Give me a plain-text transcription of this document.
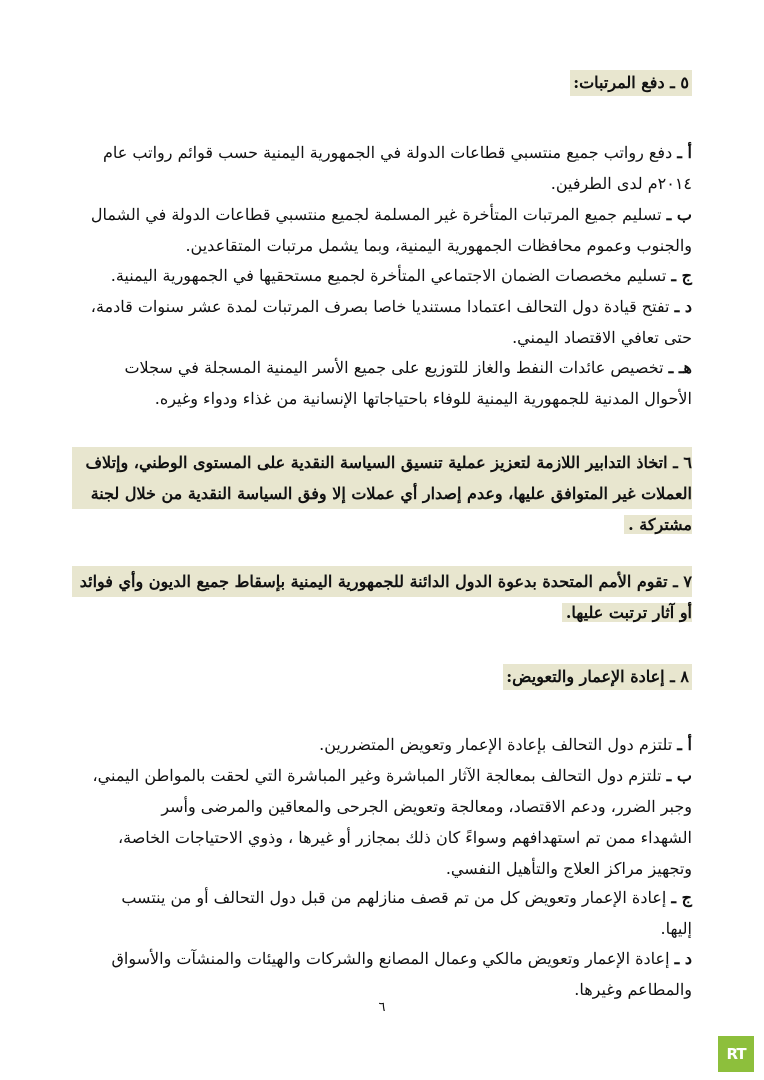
٥ ـ دفع المرتبات:
أ ـ دفع رواتب جميع منتسبي قطاعات الدولة في الجمهورية اليمنية حسب قوائم رواتب عام
٢٠١٤م لدى الطرفين.
ب ـ تسليم جميع المرتبات المتأخرة غير المسلمة لجميع منتسبي قطاعات الدولة في الشمال
والجنوب وعموم محافظات الجمهورية اليمنية، وبما يشمل مرتبات المتقاعدين.
ج ـ تسليم مخصصات الضمان الاجتماعي المتأخرة لجميع مستحقيها في الجمهورية اليمنية.
د ـ تفتح قيادة دول التحالف اعتمادا مستنديا خاصا بصرف المرتبات لمدة عشر سنوات قادمة،
حتى تعافي الاقتصاد اليمني.
هـ ـ تخصيص عائدات النفط والغاز للتوزيع على جميع الأسر اليمنية المسجلة في سجلات
الأحوال المدنية للجمهورية اليمنية للوفاء باحتياجاتها الإنسانية من غذاء ودواء وغيره.
٦ ـ اتخاذ التدابير اللازمة لتعزيز عملية تنسيق السياسة النقدية على المستوى الوطني، وإتلاف
العملات غير المتوافق عليها، وعدم إصدار أي عملات إلا وفق السياسة النقدية من خلال لجنة
مشتركة .
٧ ـ تقوم الأمم المتحدة بدعوة الدول الدائنة للجمهورية اليمنية بإسقاط جميع الديون وأي فوائد
أو آثار ترتبت عليها.
٨ ـ إعادة الإعمار والتعويض:
أ ـ تلتزم دول التحالف بإعادة الإعمار وتعويض المتضررين.
ب ـ تلتزم دول التحالف بمعالجة الآثار المباشرة وغير المباشرة التي لحقت بالمواطن اليمني،
وجبر الضرر، ودعم الاقتصاد، ومعالجة وتعويض الجرحى والمعاقين والمرضى وأسر
الشهداء ممن تم استهدافهم وسواءً كان ذلك بمجازر أو غيرها ، وذوي الاحتياجات الخاصة،
وتجهيز مراكز العلاج والتأهيل النفسي.
ج ـ إعادة الإعمار وتعويض كل من تم قصف منازلهم من قبل دول التحالف أو من ينتسب
إليها.
د ـ إعادة الإعمار وتعويض مالكي وعمال المصانع والشركات والهيئات والمنشآت والأسواق
والمطاعم وغيرها.
٦
RT
